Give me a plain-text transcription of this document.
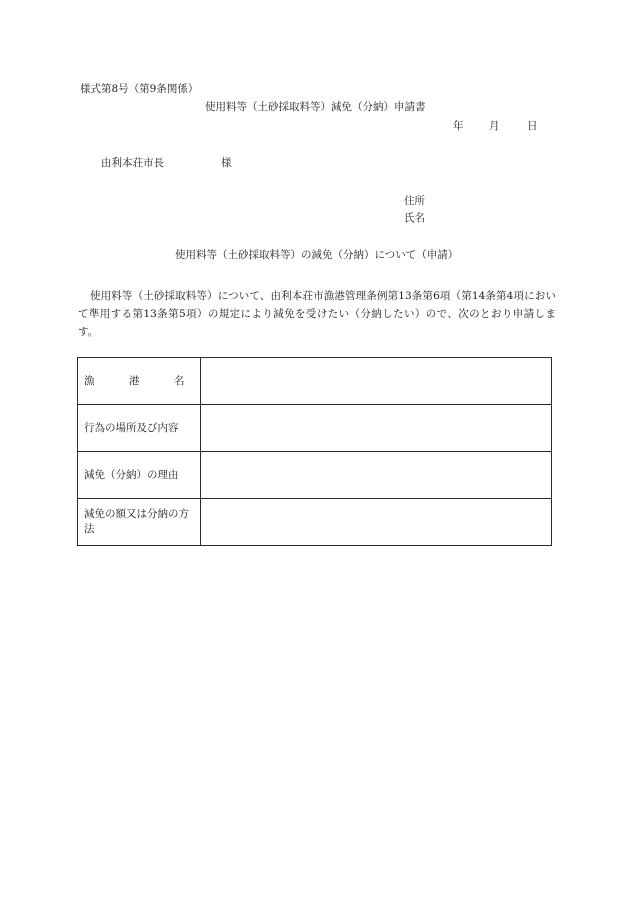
様式第8号（第9条関係）
使用料等（土砂採取料等）減免（分納）申請書
年 月	日
由利本荘市長	様
住所
氏名
使用料等（土砂採取料等）の減免（分納）について（申請）
使用料等（土砂採取料等）について、由利本荘市漁港管理条例第13条第6項（第14条第4項において準用する第13条第5項）の規定により減免を受けたい（分納したい）ので、次のとおり申請します。
漁 港 名	
行為の場所及び内容	
減免（分納）の理由	
減免の額又は分納の方法	
